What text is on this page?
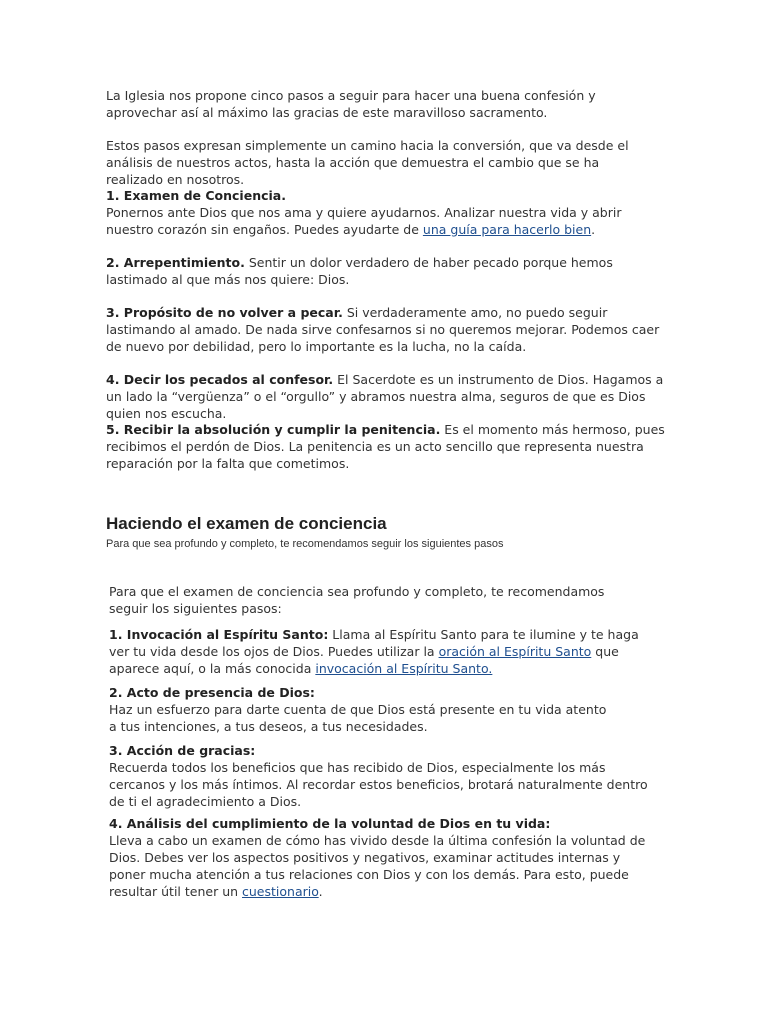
La Iglesia nos propone cinco pasos a seguir para hacer una buena confesión y aprovechar así al máximo las gracias de este maravilloso sacramento.

Estos pasos expresan simplemente un camino hacia la conversión, que va desde el análisis de nuestros actos, hasta la acción que demuestra el cambio que se ha realizado en nosotros.

1. Examen de Conciencia.

Ponernos ante Dios que nos ama y quiere ayudarnos. Analizar nuestra vida y abrir nuestro corazón sin engaños. Puedes ayudarte de una guía para hacerlo bien.

2. Arrepentimiento. Sentir un dolor verdadero de haber pecado porque hemos lastimado al que más nos quiere: Dios.

3. Propósito de no volver a pecar. Si verdaderamente amo, no puedo seguir lastimando al amado. De nada sirve confesarnos si no queremos mejorar. Podemos caer de nuevo por debilidad, pero lo importante es la lucha, no la caída.

4. Decir los pecados al confesor. El Sacerdote es un instrumento de Dios. Hagamos a un lado la “vergüenza” o el “orgullo” y abramos nuestra alma, seguros de que es Dios quien nos escucha.

5. Recibir la absolución y cumplir la penitencia. Es el momento más hermoso, pues recibimos el perdón de Dios. La penitencia es un acto sencillo que representa nuestra reparación por la falta que cometimos.

Haciendo el examen de conciencia
Para que sea profundo y completo, te recomendamos seguir los siguientes pasos

Para que el examen de conciencia sea profundo y completo, te recomendamos seguir los siguientes pasos:

1. Invocación al Espíritu Santo: Llama al Espíritu Santo para te ilumine y te haga ver tu vida desde los ojos de Dios. Puedes utilizar la oración al Espíritu Santo que aparece aquí, o la más conocida invocación al Espíritu Santo.

2. Acto de presencia de Dios:

Haz un esfuerzo para darte cuenta de que Dios está presente en tu vida atento a tus intenciones, a tus deseos, a tus necesidades.

3. Acción de gracias:

Recuerda todos los beneficios que has recibido de Dios, especialmente los más cercanos y los más íntimos. Al recordar estos beneficios, brotará naturalmente dentro de ti el agradecimiento a Dios.

4. Análisis del cumplimiento de la voluntad de Dios en tu vida:

Lleva a cabo un examen de cómo has vivido desde la última confesión la voluntad de Dios. Debes ver los aspectos positivos y negativos, examinar actitudes internas y poner mucha atención a tus relaciones con Dios y con los demás. Para esto, puede resultar útil tener un cuestionario.
